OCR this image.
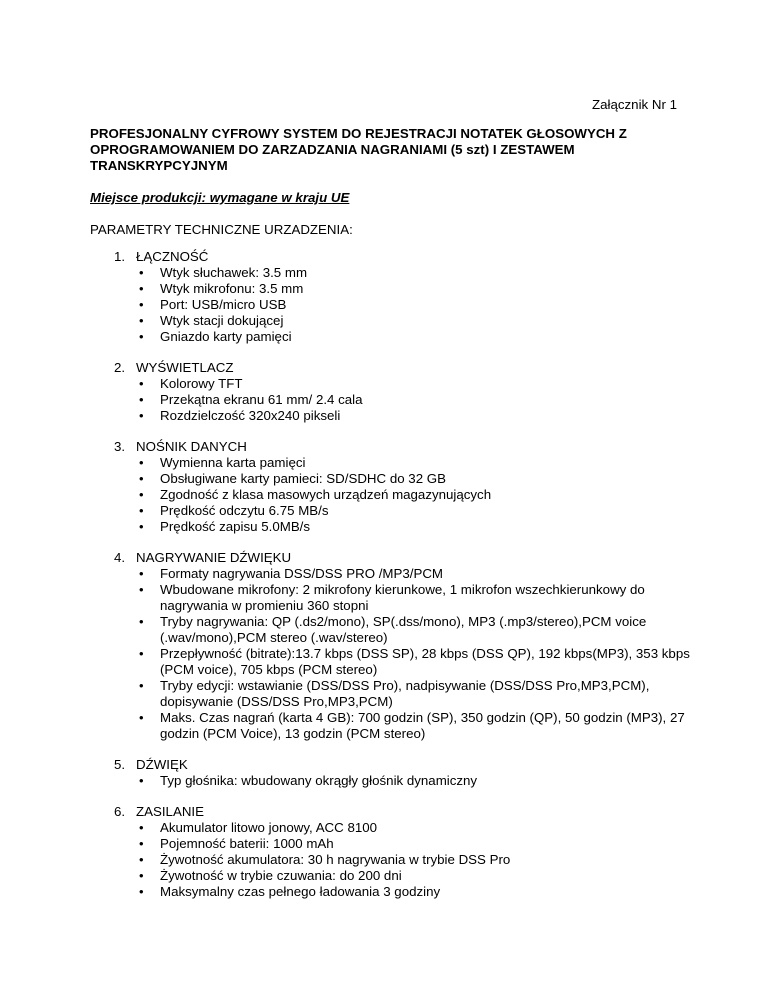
Załącznik Nr 1
PROFESJONALNY CYFROWY SYSTEM DO REJESTRACJI NOTATEK GŁOSOWYCH Z OPROGRAMOWANIEM DO ZARZADZANIA NAGRANIAMI (5 szt) I ZESTAWEM TRANSKRYPCYJNYM
Miejsce produkcji: wymagane w kraju UE
PARAMETRY TECHNICZNE URZADZENIA:
1. ŁĄCZNOŚĆ
• Wtyk słuchawek: 3.5 mm
• Wtyk mikrofonu: 3.5 mm
• Port: USB/micro USB
• Wtyk stacji dokującej
• Gniazdo karty pamięci
2. WYŚWIETLACZ
• Kolorowy TFT
• Przekątna ekranu 61 mm/ 2.4 cala
• Rozdzielczość 320x240 pikseli
3. NOŚNIK DANYCH
• Wymienna karta pamięci
• Obsługiwane karty pamieci: SD/SDHC do 32 GB
• Zgodność z klasa masowych urządzeń magazynujących
• Prędkość odczytu 6.75 MB/s
• Prędkość zapisu 5.0MB/s
4. NAGRYWANIE DŹWIĘKU
• Formaty nagrywania DSS/DSS PRO /MP3/PCM
• Wbudowane mikrofony: 2 mikrofony kierunkowe, 1 mikrofon wszechkierunkowy do nagrywania w promieniu 360 stopni
• Tryby nagrywania: QP (.ds2/mono), SP(.dss/mono), MP3 (.mp3/stereo),PCM voice (.wav/mono),PCM stereo (.wav/stereo)
• Przepływność (bitrate):13.7 kbps (DSS SP), 28 kbps (DSS QP), 192 kbps(MP3), 353 kbps (PCM voice), 705 kbps (PCM stereo)
• Tryby edycji: wstawianie (DSS/DSS Pro), nadpisywanie (DSS/DSS Pro,MP3,PCM), dopisywanie (DSS/DSS Pro,MP3,PCM)
• Maks. Czas nagrań (karta 4 GB): 700 godzin (SP), 350 godzin (QP), 50 godzin (MP3), 27 godzin (PCM Voice), 13 godzin (PCM stereo)
5. DŹWIĘK
• Typ głośnika: wbudowany okrągły głośnik dynamiczny
6. ZASILANIE
• Akumulator litowo jonowy, ACC 8100
• Pojemność baterii: 1000 mAh
• Żywotność akumulatora: 30 h nagrywania w trybie DSS Pro
• Żywotność w trybie czuwania: do 200 dni
• Maksymalny czas pełnego ładowania 3 godziny
